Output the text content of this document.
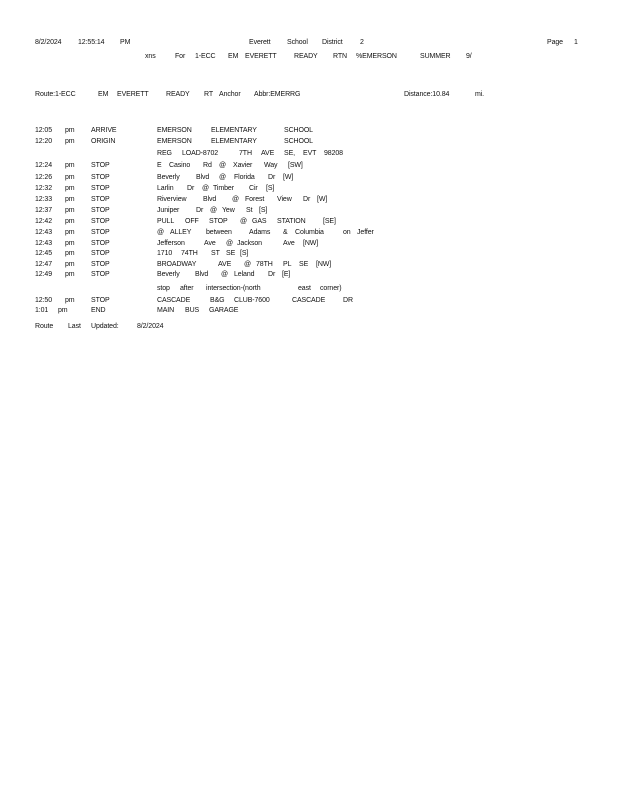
8/2/2024 12:55:14 PM	Everett School District 2	Page 1
xns	For 1-ECC EM EVERETT READY RTN %EMERSON	SUMMER 9/
Route:1-ECC	EM EVERETT READY RT Anchor Abbr:EMERRG	Distance:10.84	mi.
12:05 pm ARRIVE	EMERSON	ELEMENTARY	SCHOOL
12:20 pm ORIGIN	EMERSON	ELEMENTARY	SCHOOL
REG LOAD-8702	7TH AVE SE, EVT 98208
12:24 pm STOP	E Casino Rd @ Xavier Way [SW]
12:26 pm STOP	Beverly Blvd @ Florida Dr [W]
12:32 pm STOP	Larlin Dr @ Timber Cir [S]
12:33 pm STOP	Riverview Blvd @ Forest View Dr [W]
12:37 pm STOP	Juniper Dr @ Yew St [S]
12:42 pm STOP	PULL OFF STOP @ GAS STATION [SE]
12:43 pm STOP	@ ALLEY between Adams & Columbia	on Jeffer
12:43 pm STOP	Jefferson	Ave @ Jackson	Ave [NW]
12:45 pm STOP	1710 74TH ST SE [S]
12:47 pm STOP	BROADWAY	AVE @ 78TH PL SE [NW]
12:49 pm STOP	Beverly Blvd @ Leland Dr [E]
stop after intersection-(north	east corner)
12:50 pm STOP	CASCADE	B&G CLUB-7600	CASCADE	DR
1:01 pm	END	MAIN BUS GARAGE
Route Last Updated:	8/2/2024
